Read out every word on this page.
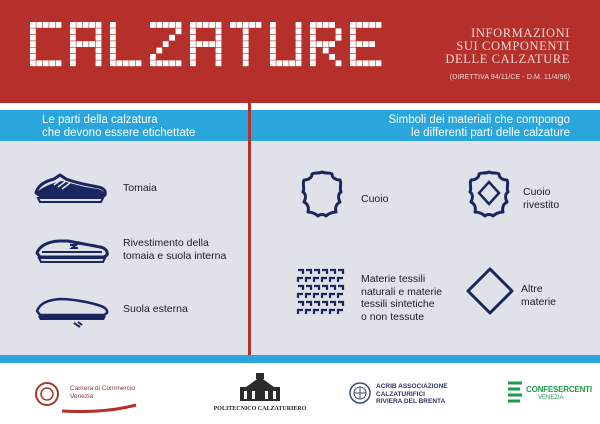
INFORMAZIONI
SUI COMPONENTI
DELLE CALZATURE
(DIRETTIVA 94/11/CE - D.M. 11/4/96)
Le parti della calzatura
che devono essere etichettate
Simboli dei materiali che compongo
le differenti parti delle calzature
Tomaia
Rivestimento della
tomaia e suola interna
Suola esterna
Cuoio
Cuoio
rivestito
Materie tessili
naturali e materie
tessili sintetiche
o non tessute
Altre
materie
Camera di Commercio
Venezia
POLITECNICO CALZATURIERO
ACRIB ASSOCIAZIONE
CALZATURIFICI
RIVIERA DEL BRENTA
CONFESERCENTI
VENEZIA
